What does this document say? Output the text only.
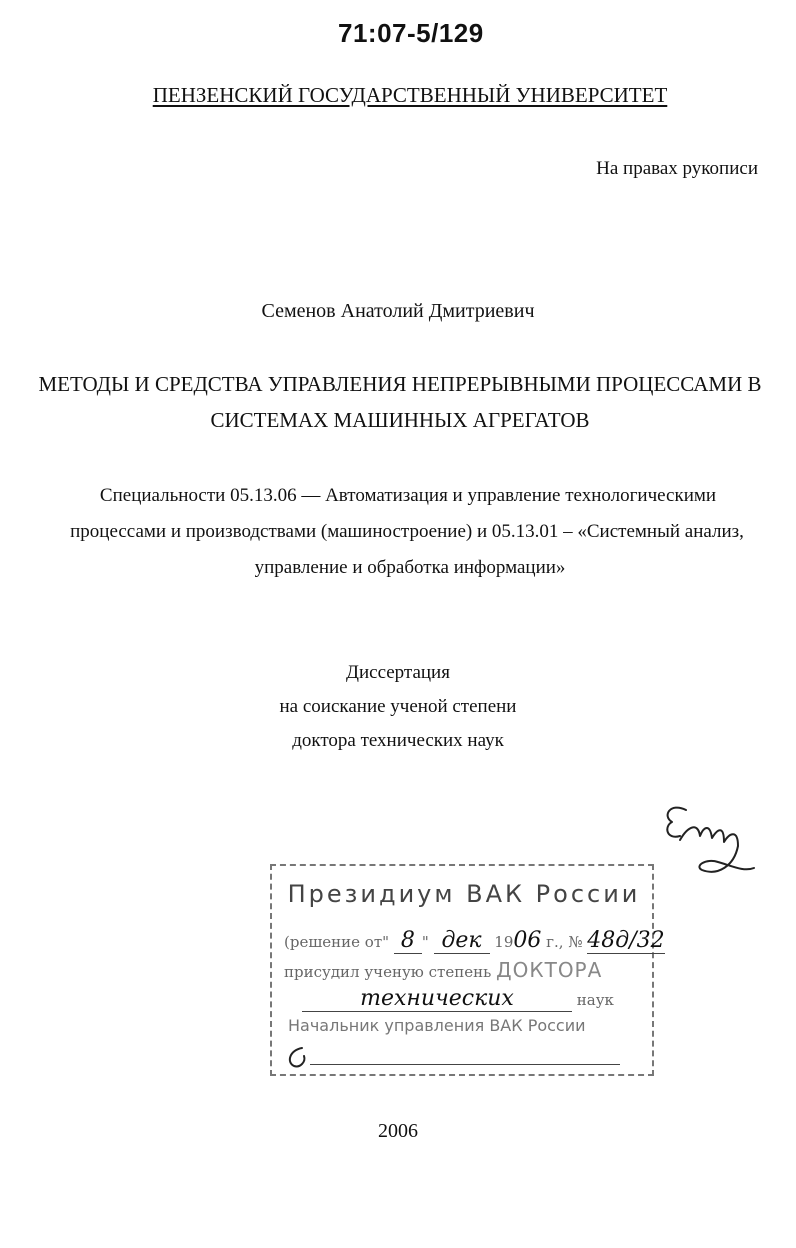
71:07-5/129
ПЕНЗЕНСКИЙ ГОСУДАРСТВЕННЫЙ УНИВЕРСИТЕТ
На правах рукописи
Семенов Анатолий Дмитриевич
МЕТОДЫ И СРЕДСТВА УПРАВЛЕНИЯ НЕПРЕРЫВНЫМИ ПРОЦЕССАМИ В
СИСТЕМАХ МАШИННЫХ АГРЕГАТОВ
Специальности 05.13.06 — Автоматизация и управление технологическими
процессами и производствами (машиностроение) и 05.13.01 – «Системный анализ,
управление и обработка информации»
Диссертация
на соискание ученой степени
доктора технических наук
Президиум ВАК России
(решение от" 8 " дек 1906 г., № 48д/32
присудил ученую степень ДОКТОРА
технических	наук
Начальник управления ВАК России
2006
